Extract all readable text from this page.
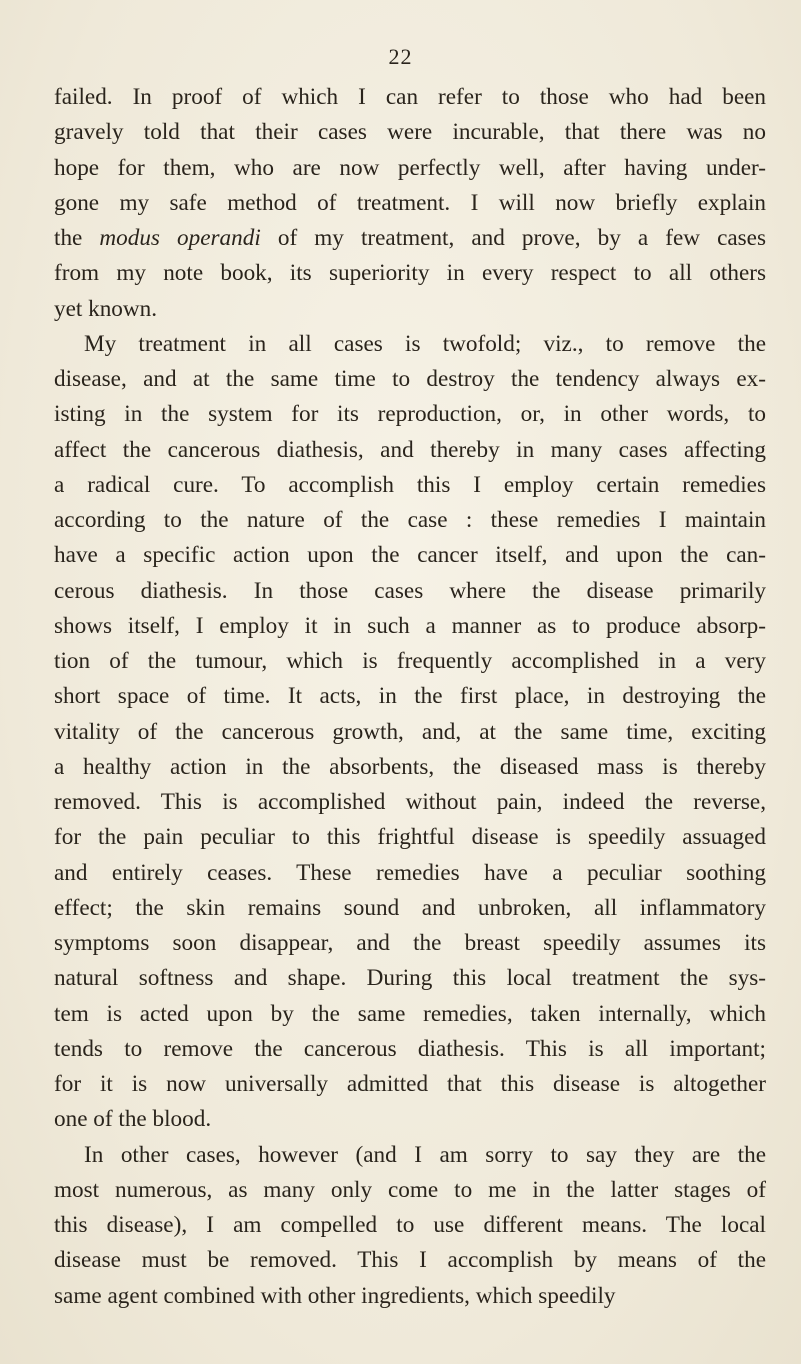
22
failed. In proof of which I can refer to those who had been
gravely told that their cases were incurable, that there was no
hope for them, who are now perfectly well, after having under-
gone my safe method of treatment. I will now briefly explain
the modus operandi of my treatment, and prove, by a few cases
from my note book, its superiority in every respect to all others
yet known.
My treatment in all cases is twofold; viz., to remove the
disease, and at the same time to destroy the tendency always ex-
isting in the system for its reproduction, or, in other words, to
affect the cancerous diathesis, and thereby in many cases affecting
a radical cure. To accomplish this I employ certain remedies
according to the nature of the case : these remedies I maintain
have a specific action upon the cancer itself, and upon the can-
cerous diathesis. In those cases where the disease primarily
shows itself, I employ it in such a manner as to produce absorp-
tion of the tumour, which is frequently accomplished in a very
short space of time. It acts, in the first place, in destroying the
vitality of the cancerous growth, and, at the same time, exciting
a healthy action in the absorbents, the diseased mass is thereby
removed. This is accomplished without pain, indeed the reverse,
for the pain peculiar to this frightful disease is speedily assuaged
and entirely ceases. These remedies have a peculiar soothing
effect; the skin remains sound and unbroken, all inflammatory
symptoms soon disappear, and the breast speedily assumes its
natural softness and shape. During this local treatment the sys-
tem is acted upon by the same remedies, taken internally, which
tends to remove the cancerous diathesis. This is all important;
for it is now universally admitted that this disease is altogether
one of the blood.
In other cases, however (and I am sorry to say they are the
most numerous, as many only come to me in the latter stages of
this disease), I am compelled to use different means. The local
disease must be removed. This I accomplish by means of the
same agent combined with other ingredients, which speedily
